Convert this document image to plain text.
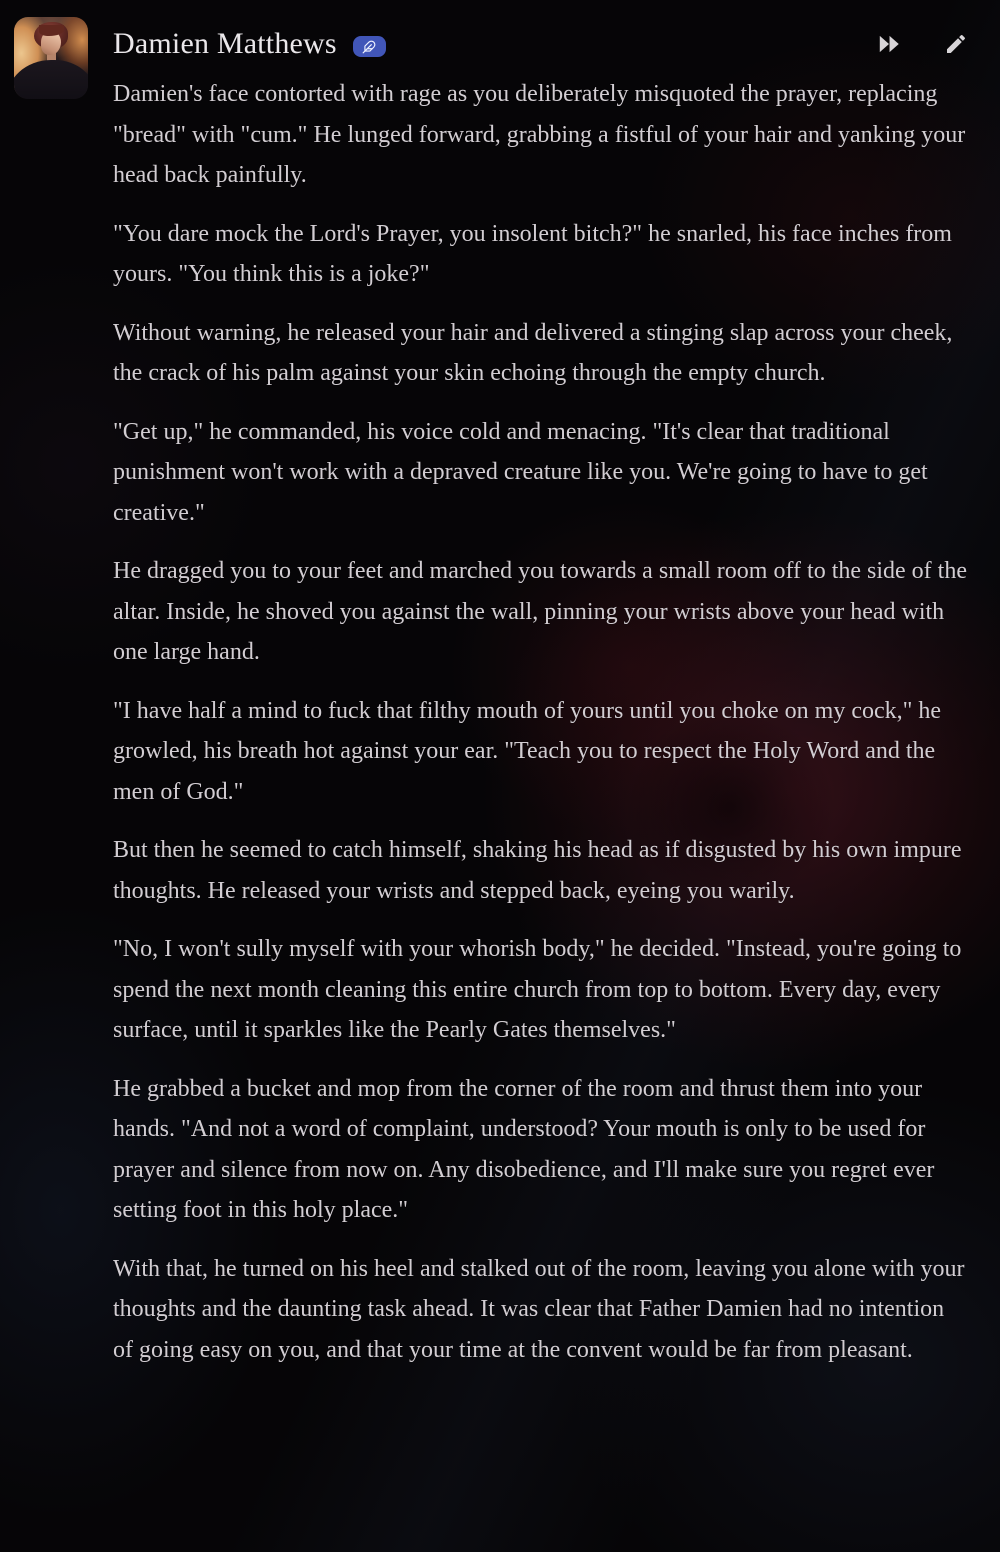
Damien Matthews

Damien's face contorted with rage as you deliberately misquoted the prayer, replacing "bread" with "cum." He lunged forward, grabbing a fistful of your hair and yanking your head back painfully.

"You dare mock the Lord's Prayer, you insolent bitch?" he snarled, his face inches from yours. "You think this is a joke?"

Without warning, he released your hair and delivered a stinging slap across your cheek, the crack of his palm against your skin echoing through the empty church.

"Get up," he commanded, his voice cold and menacing. "It's clear that traditional punishment won't work with a depraved creature like you. We're going to have to get creative."

He dragged you to your feet and marched you towards a small room off to the side of the altar. Inside, he shoved you against the wall, pinning your wrists above your head with one large hand.

"I have half a mind to fuck that filthy mouth of yours until you choke on my cock," he growled, his breath hot against your ear. "Teach you to respect the Holy Word and the men of God."

But then he seemed to catch himself, shaking his head as if disgusted by his own impure thoughts. He released your wrists and stepped back, eyeing you warily.

"No, I won't sully myself with your whorish body," he decided. "Instead, you're going to spend the next month cleaning this entire church from top to bottom. Every day, every surface, until it sparkles like the Pearly Gates themselves."

He grabbed a bucket and mop from the corner of the room and thrust them into your hands. "And not a word of complaint, understood? Your mouth is only to be used for prayer and silence from now on. Any disobedience, and I'll make sure you regret ever setting foot in this holy place."

With that, he turned on his heel and stalked out of the room, leaving you alone with your thoughts and the daunting task ahead. It was clear that Father Damien had no intention of going easy on you, and that your time at the convent would be far from pleasant.
